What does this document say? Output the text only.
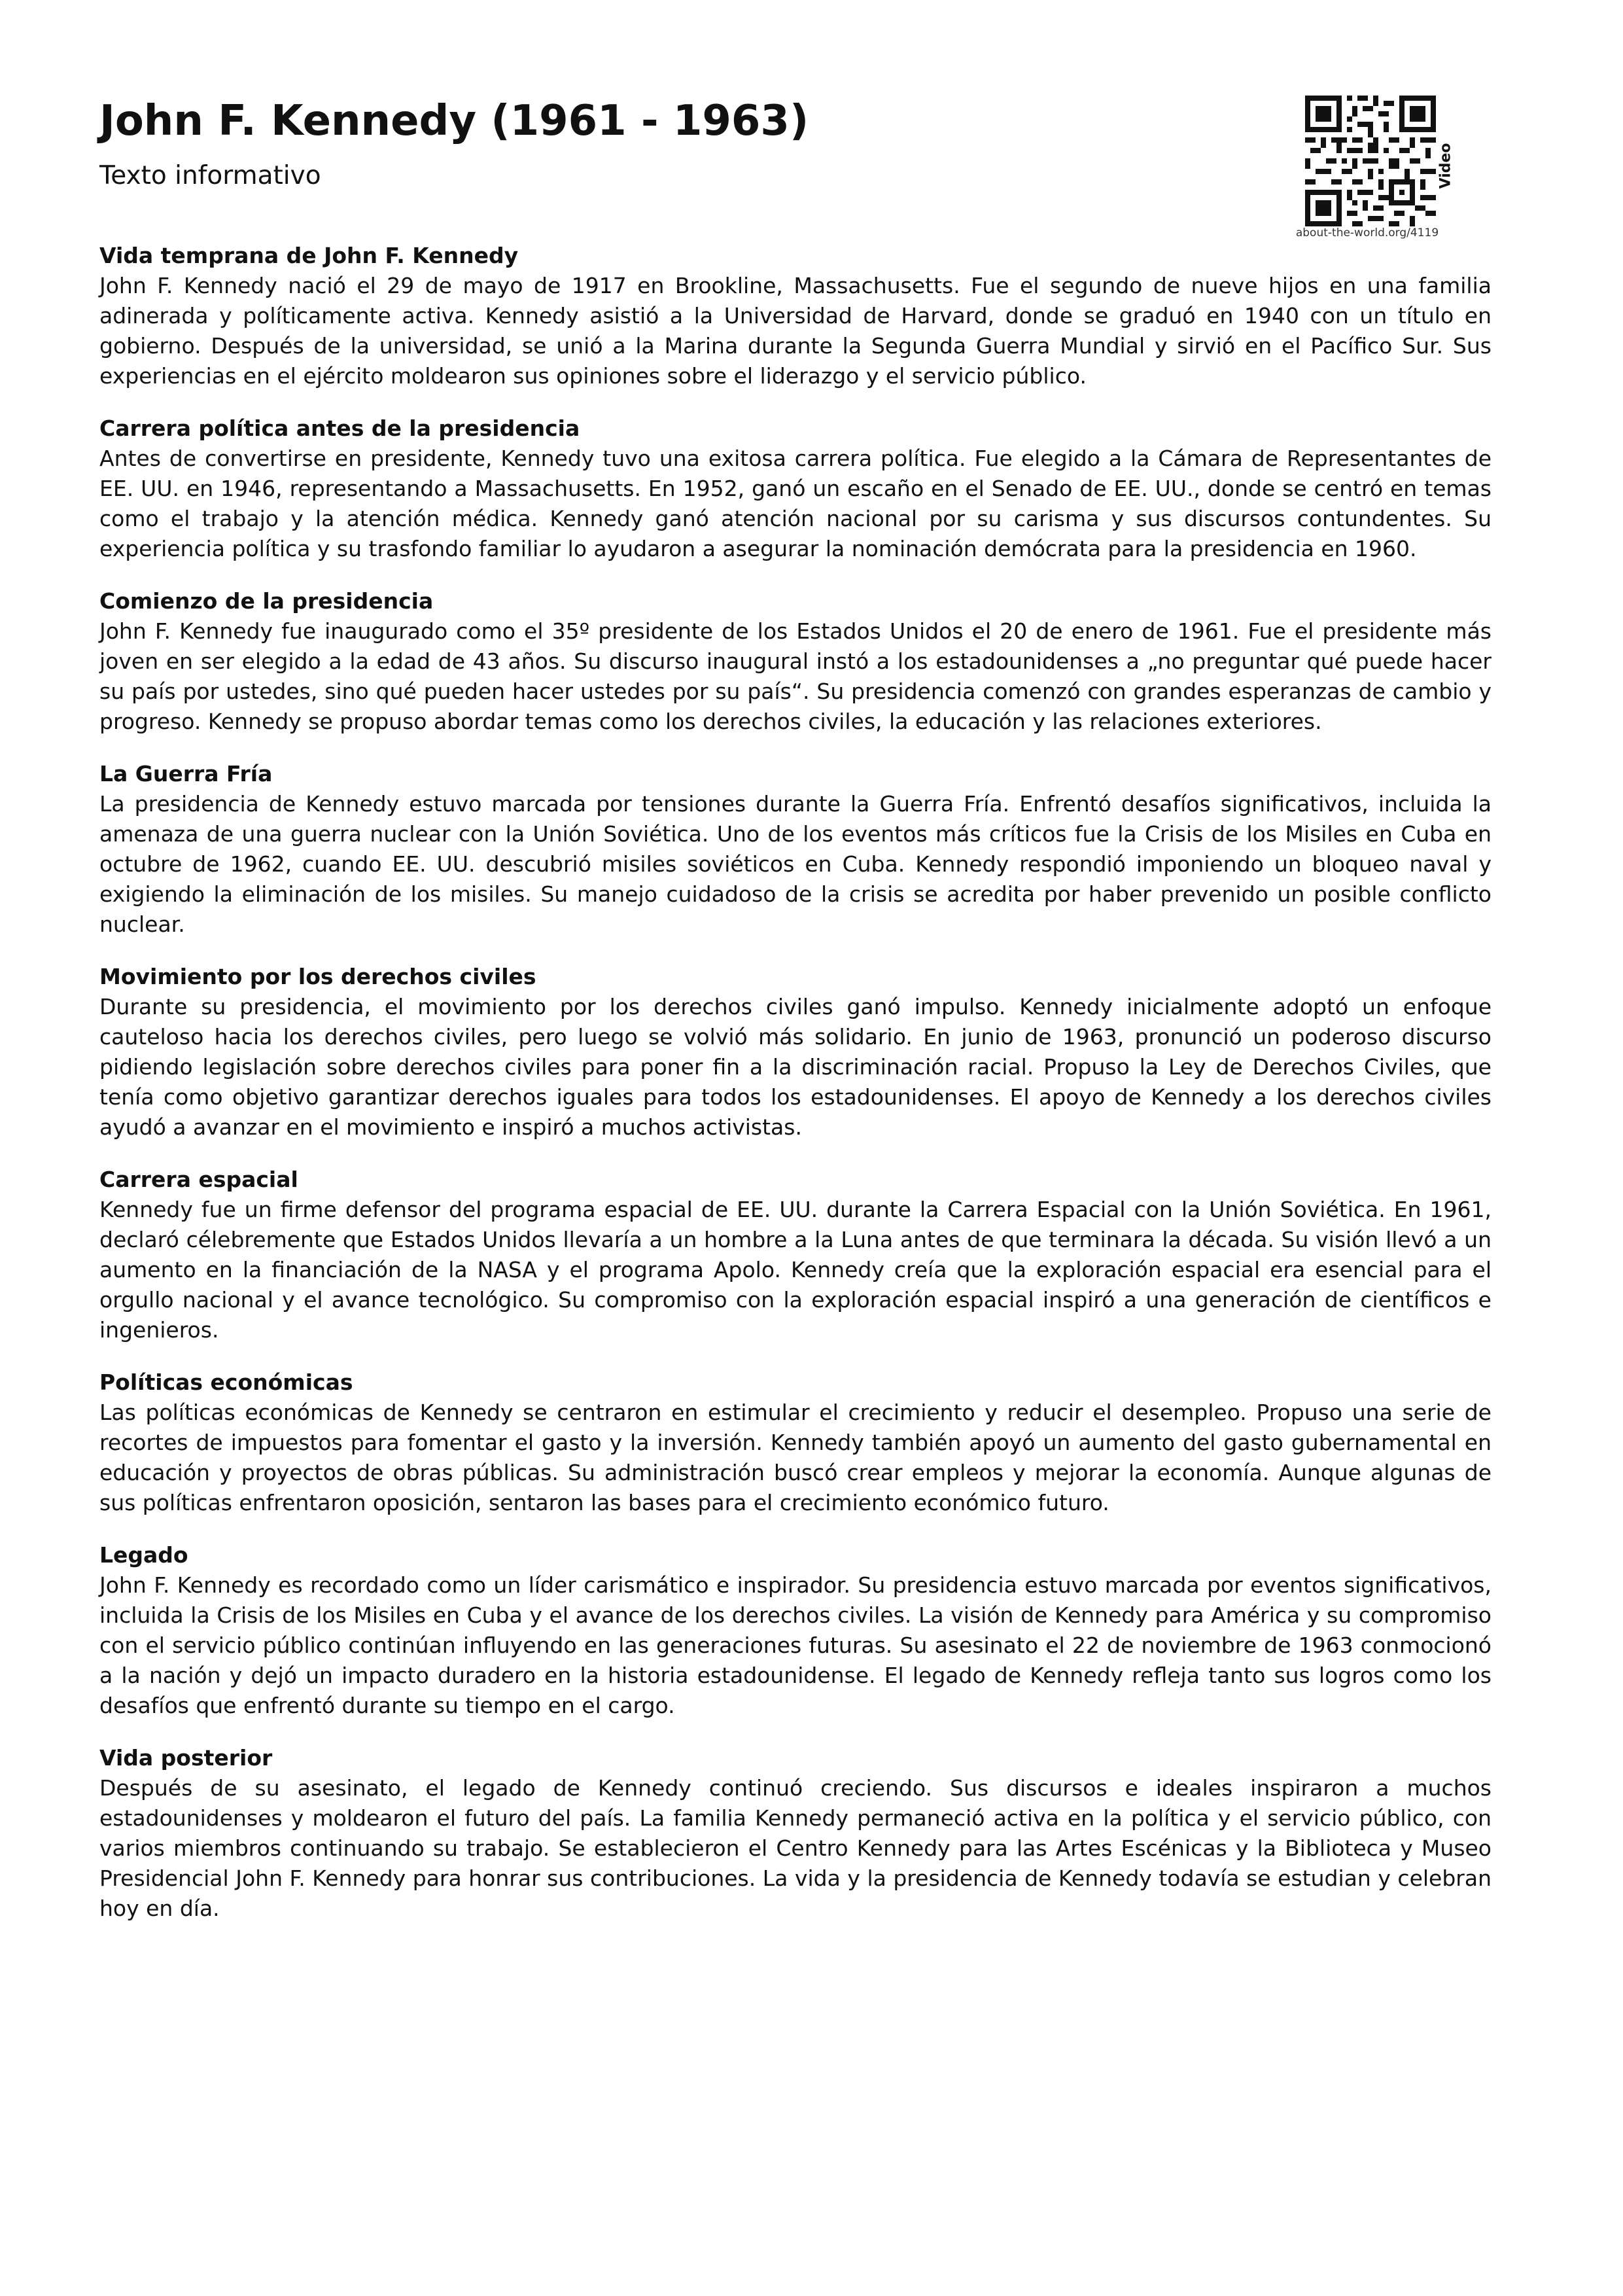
John F. Kennedy (1961 - 1963)

Texto informativo	Video
about-the-world.org/4119

Vida temprana de John F. Kennedy

John F. Kennedy nació el 29 de mayo de 1917 en Brookline, Massachusetts. Fue el segundo de nueve hijos en una familia adinerada y políticamente activa. Kennedy asistió a la Universidad de Harvard, donde se graduó en 1940 con un título en gobierno. Después de la universidad, se unió a la Marina durante la Segunda Guerra Mundial y sirvió en el Pacífico Sur. Sus experiencias en el ejército moldearon sus opiniones sobre el liderazgo y el servicio público.

Carrera política antes de la presidencia

Antes de convertirse en presidente, Kennedy tuvo una exitosa carrera política. Fue elegido a la Cámara de Representantes de EE. UU. en 1946, representando a Massachusetts. En 1952, ganó un escaño en el Senado de EE. UU., donde se centró en temas como el trabajo y la atención médica. Kennedy ganó atención nacional por su carisma y sus discursos contundentes. Su experiencia política y su trasfondo familiar lo ayudaron a asegurar la nominación demócrata para la presidencia en 1960.

Comienzo de la presidencia

John F. Kennedy fue inaugurado como el 35º presidente de los Estados Unidos el 20 de enero de 1961. Fue el presidente más joven en ser elegido a la edad de 43 años. Su discurso inaugural instó a los estadounidenses a „no preguntar qué puede hacer su país por ustedes, sino qué pueden hacer ustedes por su país“. Su presidencia comenzó con grandes esperanzas de cambio y progreso. Kennedy se propuso abordar temas como los derechos civiles, la educación y las relaciones exteriores.

La Guerra Fría

La presidencia de Kennedy estuvo marcada por tensiones durante la Guerra Fría. Enfrentó desafíos significativos, incluida la amenaza de una guerra nuclear con la Unión Soviética. Uno de los eventos más críticos fue la Crisis de los Misiles en Cuba en octubre de 1962, cuando EE. UU. descubrió misiles soviéticos en Cuba. Kennedy respondió imponiendo un bloqueo naval y exigiendo la eliminación de los misiles. Su manejo cuidadoso de la crisis se acredita por haber prevenido un posible conflicto nuclear.

Movimiento por los derechos civiles

Durante su presidencia, el movimiento por los derechos civiles ganó impulso. Kennedy inicialmente adoptó un enfoque cauteloso hacia los derechos civiles, pero luego se volvió más solidario. En junio de 1963, pronunció un poderoso discurso pidiendo legislación sobre derechos civiles para poner fin a la discriminación racial. Propuso la Ley de Derechos Civiles, que tenía como objetivo garantizar derechos iguales para todos los estadounidenses. El apoyo de Kennedy a los derechos civiles ayudó a avanzar en el movimiento e inspiró a muchos activistas.

Carrera espacial

Kennedy fue un firme defensor del programa espacial de EE. UU. durante la Carrera Espacial con la Unión Soviética. En 1961, declaró célebremente que Estados Unidos llevaría a un hombre a la Luna antes de que terminara la década. Su visión llevó a un aumento en la financiación de la NASA y el programa Apolo. Kennedy creía que la exploración espacial era esencial para el orgullo nacional y el avance tecnológico. Su compromiso con la exploración espacial inspiró a una generación de científicos e ingenieros.

Políticas económicas

Las políticas económicas de Kennedy se centraron en estimular el crecimiento y reducir el desempleo. Propuso una serie de recortes de impuestos para fomentar el gasto y la inversión. Kennedy también apoyó un aumento del gasto gubernamental en educación y proyectos de obras públicas. Su administración buscó crear empleos y mejorar la economía. Aunque algunas de sus políticas enfrentaron oposición, sentaron las bases para el crecimiento económico futuro.

Legado

John F. Kennedy es recordado como un líder carismático e inspirador. Su presidencia estuvo marcada por eventos significativos, incluida la Crisis de los Misiles en Cuba y el avance de los derechos civiles. La visión de Kennedy para América y su compromiso con el servicio público continúan influyendo en las generaciones futuras. Su asesinato el 22 de noviembre de 1963 conmocionó a la nación y dejó un impacto duradero en la historia estadounidense. El legado de Kennedy refleja tanto sus logros como los desafíos que enfrentó durante su tiempo en el cargo.

Vida posterior

Después de su asesinato, el legado de Kennedy continuó creciendo. Sus discursos e ideales inspiraron a muchos estadounidenses y moldearon el futuro del país. La familia Kennedy permaneció activa en la política y el servicio público, con varios miembros continuando su trabajo. Se establecieron el Centro Kennedy para las Artes Escénicas y la Biblioteca y Museo Presidencial John F. Kennedy para honrar sus contribuciones. La vida y la presidencia de Kennedy todavía se estudian y celebran hoy en día.
